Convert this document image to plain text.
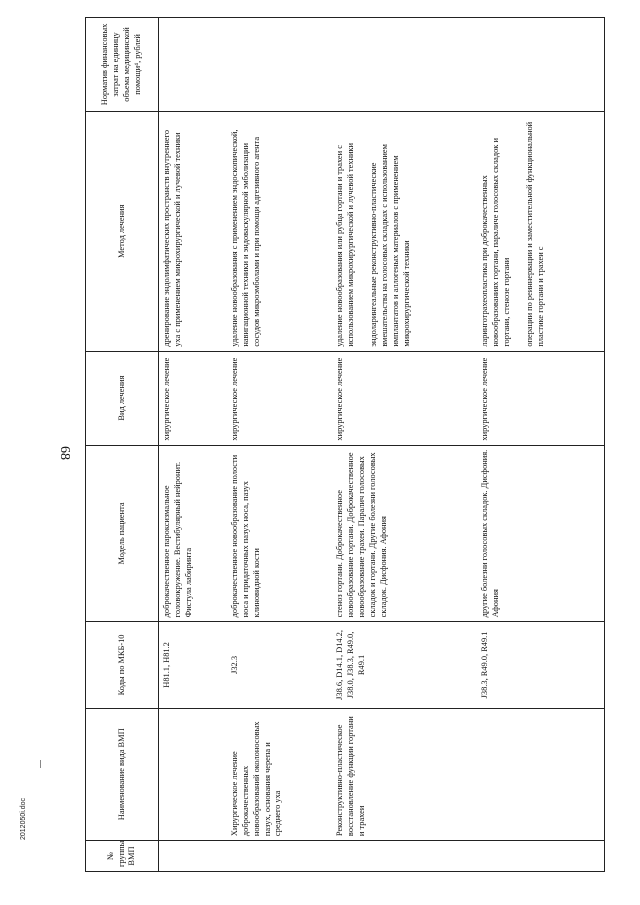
68
2012050i.doc
№ группы ВМП	Наименование вида ВМП	Коды по МКБ-10	Модель пациента	Вид лечения	Метод лечения	Норматив финансовых затрат на единицу объема медицинской помощи⁴, рублей
		H81.1, H81.2	доброкачественное пароксизмальное головокружение. Вестибулярный нейронит. Фистула лабиринта	хирургическое лечение	дренирование эндолимфатических пространств внутреннего уха с применением микрохирургической и лучевой техники	

	Хирургическое лечение доброкачественных новообразований околоносовых пазух, основания черепа и среднего уха	J32.3	доброкачественное новообразование полости носа и придаточных пазух носа, пазух клиновидной кости	хирургическое лечение	удаление новообразования с применением эндоскопической, навигационной техники и эндоваскулярной эмболизации сосудов микроэмболами и при помощи адгезивного агента	

	Реконструктивно-пластическое восстановление функции гортани и трахеи	J38.6, D14.1, D14.2, J38.0, J38.3, R49.0, R49.1	стеноз гортани. Доброкачественное новообразование гортани. Доброкачественное новообразование трахеи. Паралич голосовых складок и гортани. Другие болезни голосовых складок. Дисфония. Афония	хирургическое лечение	удаление новообразования или рубца гортани и трахеи с использованием микрохирургической и лучевой техники эндоларингеальные реконструктивно-пластические вмешательства на голосовых складках с использованием имплантатов и аллогеных материалов с применением микрохирургической техники	

		J38.3, R49.0, R49.1	другие болезни голосовых складок. Дисфония. Афония	хирургическое лечение	ларинготрахеопластика при доброкачественных новообразованиях гортани, параличе голосовых складок и гортани, стенозе гортани операции по реиннервации и заместительной функциональной пластике гортани и трахеи с	
